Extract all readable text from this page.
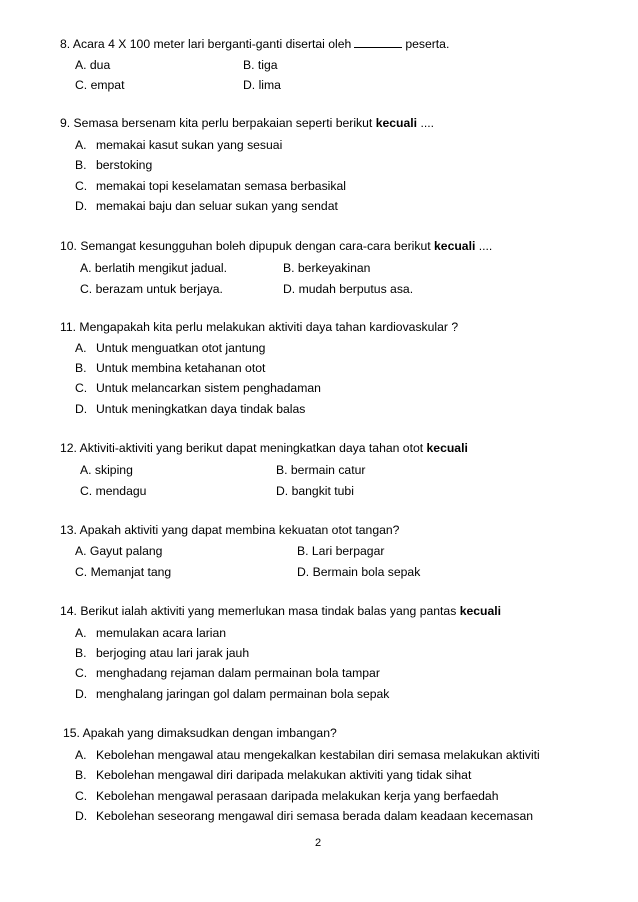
8. Acara 4 X 100 meter lari berganti-ganti disertai oleh	peserta.
A. dua	B. tiga
C. empat	D. lima
9. Semasa bersenam kita perlu berpakaian seperti berikut kecuali ....
A. memakai kasut sukan yang sesuai
B. berstoking
C. memakai topi keselamatan semasa berbasikal
D. memakai baju dan seluar sukan yang sendat
10. Semangat kesungguhan boleh dipupuk dengan cara-cara berikut kecuali ....
A. berlatih mengikut jadual.	B. berkeyakinan
C. berazam untuk berjaya.	D. mudah berputus asa.
11. Mengapakah kita perlu melakukan aktiviti daya tahan kardiovaskular ?
A. Untuk menguatkan otot jantung
B. Untuk membina ketahanan otot
C. Untuk melancarkan sistem penghadaman
D. Untuk meningkatkan daya tindak balas
12. Aktiviti-aktiviti yang berikut dapat meningkatkan daya tahan otot kecuali
A. skiping	B. bermain catur
C. mendagu	D. bangkit tubi
13. Apakah aktiviti yang dapat membina kekuatan otot tangan?
A. Gayut palang	B. Lari berpagar
C. Memanjat tang	D. Bermain bola sepak
14. Berikut ialah aktiviti yang memerlukan masa tindak balas yang pantas kecuali
A. memulakan acara larian
B. berjoging atau lari jarak jauh
C. menghadang rejaman dalam permainan bola tampar
D. menghalang jaringan gol dalam permainan bola sepak
15. Apakah yang dimaksudkan dengan imbangan?
A. Kebolehan mengawal atau mengekalkan kestabilan diri semasa melakukan aktiviti
B. Kebolehan mengawal diri daripada melakukan aktiviti yang tidak sihat
C. Kebolehan mengawal perasaan daripada melakukan kerja yang berfaedah
D. Kebolehan seseorang mengawal diri semasa berada dalam keadaan kecemasan
2
